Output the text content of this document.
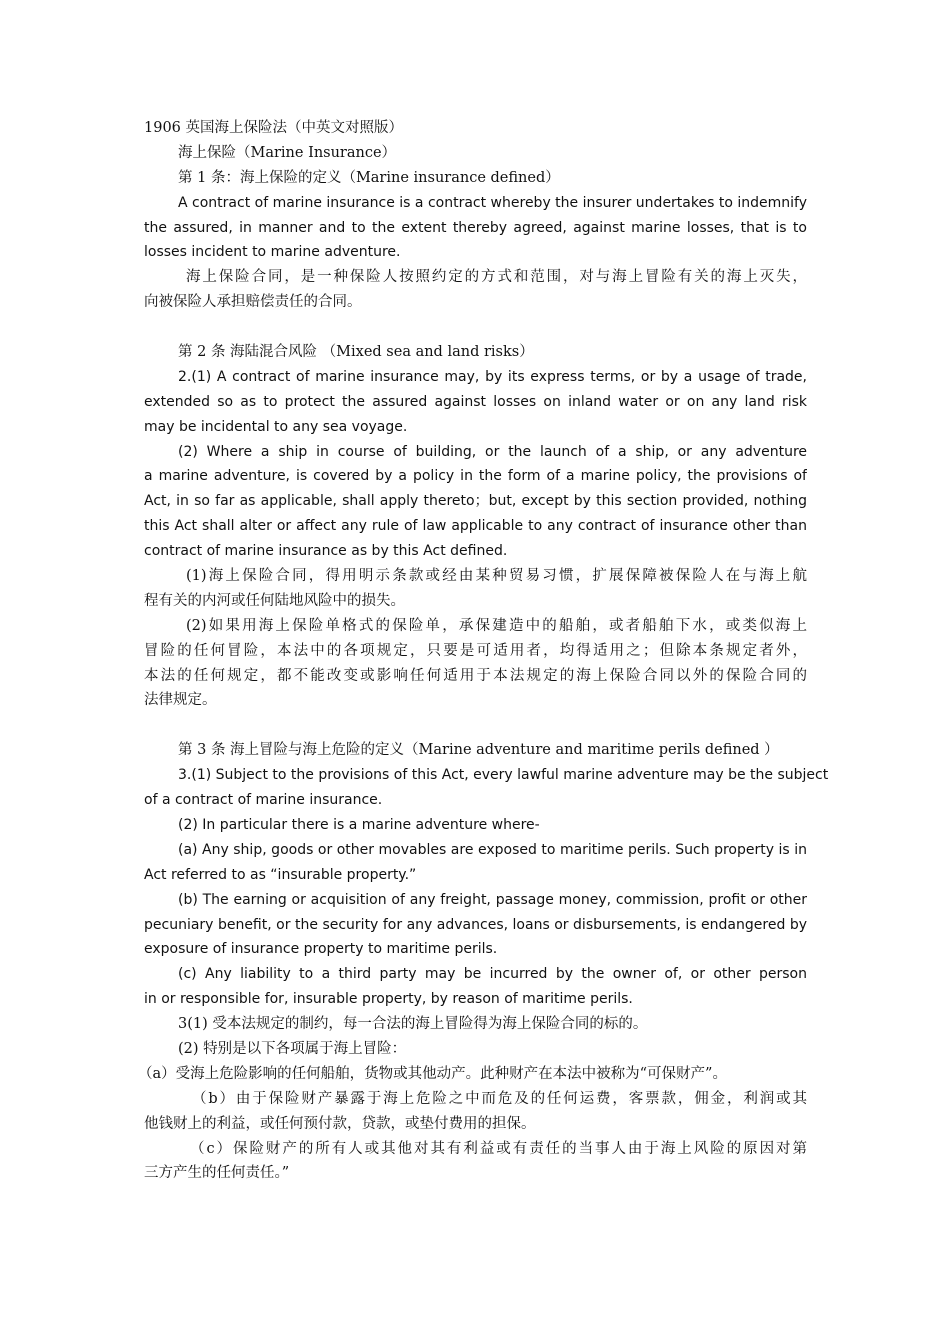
1906 英国海上保险法（中英文对照版）

海上保险（Marine Insurance）

第 1 条：海上保险的定义（Marine insurance defined）

A contract of marine insurance is a contract whereby the insurer undertakes to indemnify

the assured, in manner and to the extent thereby agreed, against marine losses, that is to

losses incident to marine adventure.

海上保险合同，是一种保险人按照约定的方式和范围，对与海上冒险有关的海上灭失，

向被保险人承担赔偿责任的合同。

第 2 条 海陆混合风险 （Mixed sea and land risks）

2.(1) A contract of marine insurance may, by its express terms, or by a usage of trade,

extended so as to protect the assured against losses on inland water or on any land risk

may be incidental to any sea voyage.

(2) Where a ship in course of building, or the launch of a ship, or any adventure

a marine adventure, is covered by a policy in the form of a marine policy, the provisions of

Act, in so far as applicable, shall apply thereto；but, except by this section provided, nothing

this Act shall alter or affect any rule of law applicable to any contract of insurance other than

contract of marine insurance as by this Act defined.

(1)海上保险合同，得用明示条款或经由某种贸易习惯，扩展保障被保险人在与海上航

程有关的内河或任何陆地风险中的损失。

(2)如果用海上保险单格式的保险单，承保建造中的船舶，或者船舶下水，或类似海上

冒险的任何冒险，本法中的各项规定，只要是可适用者，均得适用之；但除本条规定者外，

本法的任何规定，都不能改变或影响任何适用于本法规定的海上保险合同以外的保险合同的

法律规定。

第 3 条 海上冒险与海上危险的定义（Marine adventure and maritime perils defined ）

3.(1) Subject to the provisions of this Act, every lawful marine adventure may be the subject

of a contract of marine insurance.

(2) In particular there is a marine adventure where-

(a) Any ship, goods or other movables are exposed to maritime perils. Such property is in

Act referred to as “insurable property.”

(b) The earning or acquisition of any freight, passage money, commission, profit or other

pecuniary benefit, or the security for any advances, loans or disbursements, is endangered by

exposure of insurance property to maritime perils.

(c) Any liability to a third party may be incurred by the owner of, or other person

in or responsible for, insurable property, by reason of maritime perils.

3(1) 受本法规定的制约，每一合法的海上冒险得为海上保险合同的标的。

(2) 特别是以下各项属于海上冒险：

（a）受海上危险影响的任何船舶，货物或其他动产。此种财产在本法中被称为“可保财产”。

（b）由于保险财产暴露于海上危险之中而危及的任何运费，客票款，佣金，利润或其

他钱财上的利益，或任何预付款，贷款，或垫付费用的担保。

（c）保险财产的所有人或其他对其有利益或有责任的当事人由于海上风险的原因对第

三方产生的任何责任。”
